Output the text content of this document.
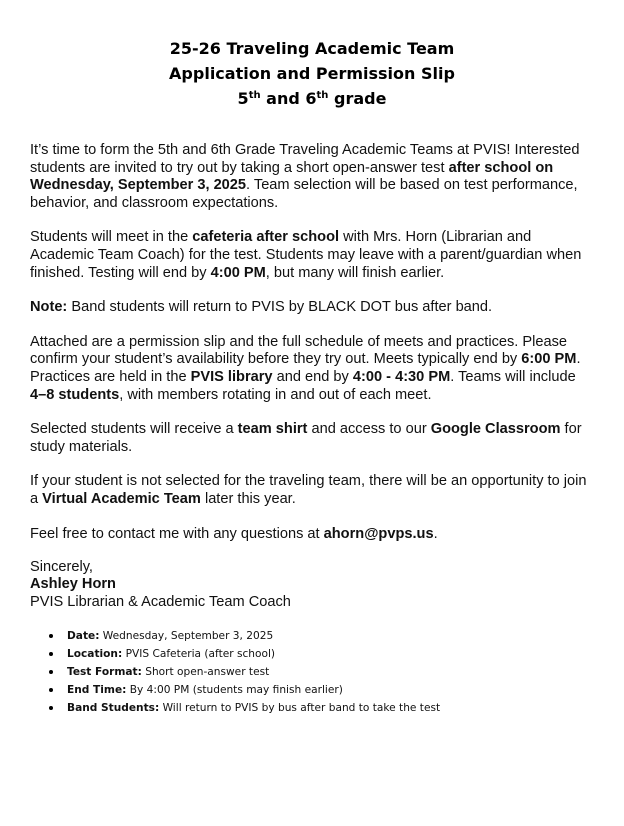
25-26 Traveling Academic Team
Application and Permission Slip
5th and 6th grade

It’s time to form the 5th and 6th Grade Traveling Academic Teams at PVIS! Interested students are invited to try out by taking a short open-answer test after school on Wednesday, September 3, 2025. Team selection will be based on test performance, behavior, and classroom expectations.

Students will meet in the cafeteria after school with Mrs. Horn (Librarian and Academic Team Coach) for the test. Students may leave with a parent/guardian when finished. Testing will end by 4:00 PM, but many will finish earlier.

Note: Band students will return to PVIS by BLACK DOT bus after band.

Attached are a permission slip and the full schedule of meets and practices. Please confirm your student’s availability before they try out. Meets typically end by 6:00 PM. Practices are held in the PVIS library and end by 4:00 - 4:30 PM. Teams will include 4–8 students, with members rotating in and out of each meet.

Selected students will receive a team shirt and access to our Google Classroom for study materials.

If your student is not selected for the traveling team, there will be an opportunity to join a Virtual Academic Team later this year.

Feel free to contact me with any questions at ahorn@pvps.us.

Sincerely,
Ashley Horn
PVIS Librarian & Academic Team Coach
Date: Wednesday, September 3, 2025
Location: PVIS Cafeteria (after school)
Test Format: Short open-answer test
End Time: By 4:00 PM (students may finish earlier)
Band Students: Will return to PVIS by bus after band to take the test
